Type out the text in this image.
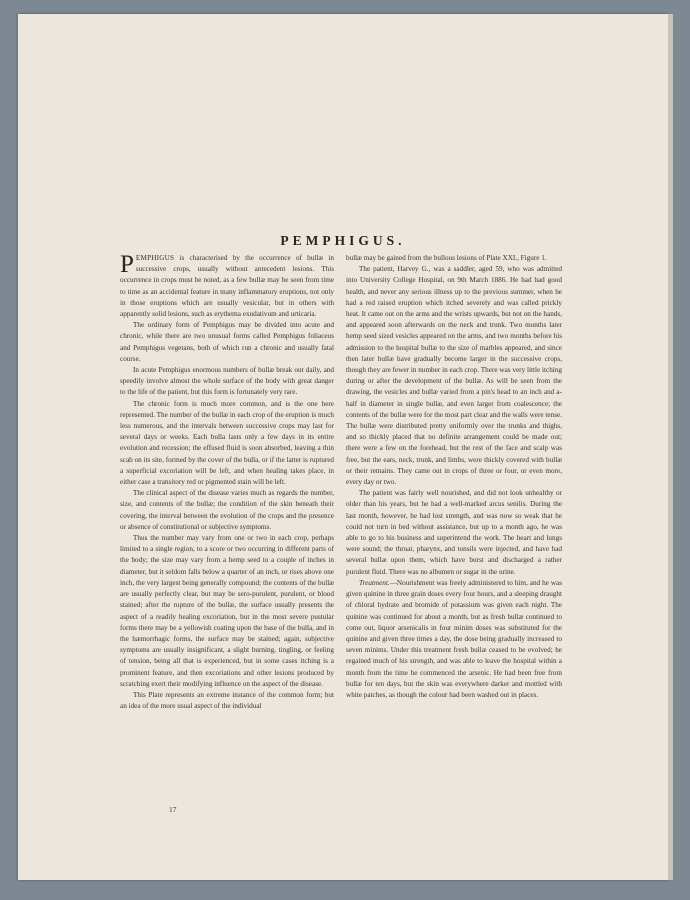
PEMPHIGUS.

PEMPHIGUS is characterised by the occurrence of bullæ in successive crops, usually without antecedent lesions. This occurrence in crops must be noted, as a few bullæ may be seen from time to time as an accidental feature in many inflammatory eruptions, not only in those eruptions which are usually vesicular, but in others with apparently solid lesions, such as erythema exudativum and urticaria.

The ordinary form of Pemphigus may be divided into acute and chronic, while there are two unusual forms called Pemphigus foliaceus and Pemphigus vegetans, both of which run a chronic and usually fatal course.

In acute Pemphigus enormous numbers of bullæ break out daily, and speedily involve almost the whole surface of the body with great danger to the life of the patient, but this form is fortunately very rare.

The chronic form is much more common, and is the one here represented. The number of the bullæ in each crop of the eruption is much less numerous, and the intervals between successive crops may last for several days or weeks. Each bulla lasts only a few days in its entire evolution and recession; the effused fluid is soon absorbed, leaving a thin scab on its site, formed by the cover of the bulla, or if the latter is ruptured a superficial excoriation will be left, and when healing takes place, in either case a transitory red or pigmented stain will be left.

The clinical aspect of the disease varies much as regards the number, size, and contents of the bullæ; the condition of the skin beneath their covering, the interval between the evolution of the crops and the presence or absence of constitutional or subjective symptoms.

Thus the number may vary from one or two in each crop, perhaps limited to a single region, to a score or two occurring in different parts of the body; the size may vary from a hemp seed to a couple of inches in diameter, but it seldom falls below a quarter of an inch, or rises above one inch, the very largest being generally compound; the contents of the bullæ are usually perfectly clear, but may be sero-purulent, purulent, or blood stained; after the rupture of the bullæ, the surface usually presents the aspect of a readily healing excoriation, but in the most severe pustular forms there may be a yellowish coating upon the base of the bulla, and in the hæmorrhagic forms, the surface may be stained; again, subjective symptoms are usually insignificant, a slight burning, tingling, or feeling of tension, being all that is experienced, but in some cases itching is a prominent feature, and then excoriations and other lesions produced by scratching exert their modifying influence on the aspect of the disease.

This Plate represents an extreme instance of the common form; but an idea of the more usual aspect of the individual

bullæ may be gained from the bullous lesions of Plate XXI., Figure 1.

The patient, Harvey G., was a saddler, aged 59, who was admitted into University College Hospital, on 9th March 1886. He had had good health, and never any serious illness up to the previous summer, when he had a red raised eruption which itched severely and was called prickly heat. It came out on the arms and the wrists upwards, but not on the hands, and appeared soon afterwards on the neck and trunk. Two months later hemp seed sized vesicles appeared on the arms, and two months before his admission to the hospital bullæ to the size of marbles appeared, and since then later bullæ have gradually become larger in the successive crops, though they are fewer in number in each crop. There was very little itching during or after the development of the bullæ. As will be seen from the drawing, the vesicles and bullæ varied from a pin's head to an inch and a-half in diameter in single bullæ, and even larger from coalescence; the contents of the bullæ were for the most part clear and the walls were tense. The bullæ were distributed pretty uniformly over the trunks and thighs, and so thickly placed that no definite arrangement could be made out; there were a few on the forehead, but the rest of the face and scalp was free, but the ears, neck, trunk, and limbs, were thickly covered with bullæ or their remains. They came out in crops of three or four, or even more, every day or two.

The patient was fairly well nourished, and did not look unhealthy or older than his years, but he had a well-marked arcus senilis. During the last month, however, he had lost strength, and was now so weak that he could not turn in bed without assistance, but up to a month ago, he was able to go to his business and superintend the work. The heart and lungs were sound; the throat, pharynx, and tonsils were injected, and have had several bullæ upon them, which have burst and discharged a rather purulent fluid. There was no albumen or sugar in the urine.

Treatment.—Nourishment was freely administered to him, and he was given quinine in three grain doses every four hours, and a sleeping draught of chloral hydrate and bromide of potassium was given each night. The quinine was continued for about a month, but as fresh bullæ continued to come out, liquor arsenicalis in four minim doses was substituted for the quinine and given three times a day, the dose being gradually increased to seven minims. Under this treatment fresh bullæ ceased to be evolved; he regained much of his strength, and was able to leave the hospital within a month from the time he commenced the arsenic. He had been free from bullæ for ten days, but the skin was everywhere darker and mottled with white patches, as though the colour had been washed out in places.

17
